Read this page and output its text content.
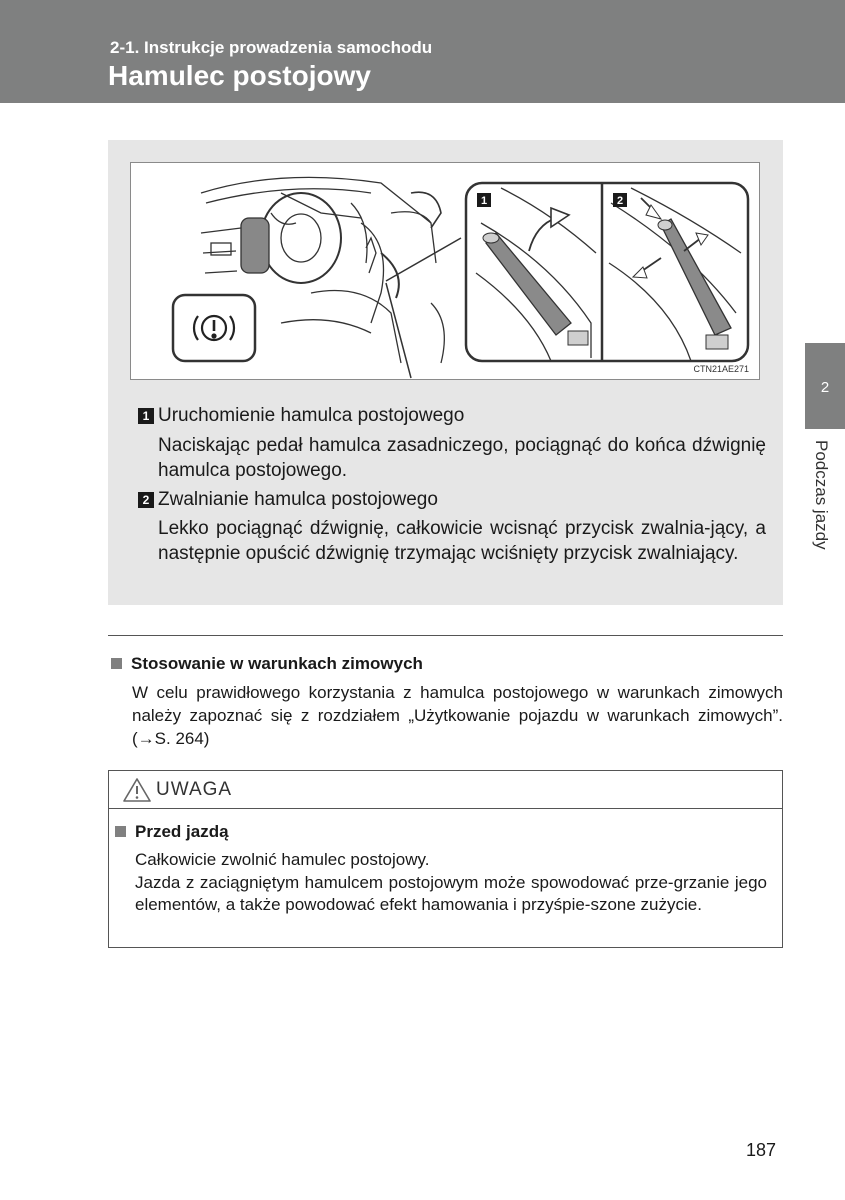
2-1. Instrukcje prowadzenia samochodu
Hamulec postojowy
2
Podczas jazdy
1	2
CTN21AE271
1 Uruchomienie hamulca postojowego
Naciskając pedał hamulca zasadniczego, pociągnąć do końca dźwignię hamulca postojowego.
2 Zwalnianie hamulca postojowego
Lekko pociągnąć dźwignię, całkowicie wcisnąć przycisk zwalnia-jący, a następnie opuścić dźwignię trzymając wciśnięty przycisk zwalniający.
Stosowanie w warunkach zimowych
W celu prawidłowego korzystania z hamulca postojowego w warunkach zimowych należy zapoznać się z rozdziałem „Użytkowanie pojazdu w warunkach zimowych”. (→S. 264)
UWAGA
Przed jazdą
Całkowicie zwolnić hamulec postojowy.
Jazda z zaciągniętym hamulcem postojowym może spowodować prze-grzanie jego elementów, a także powodować efekt hamowania i przyśpie-szone zużycie.
187
